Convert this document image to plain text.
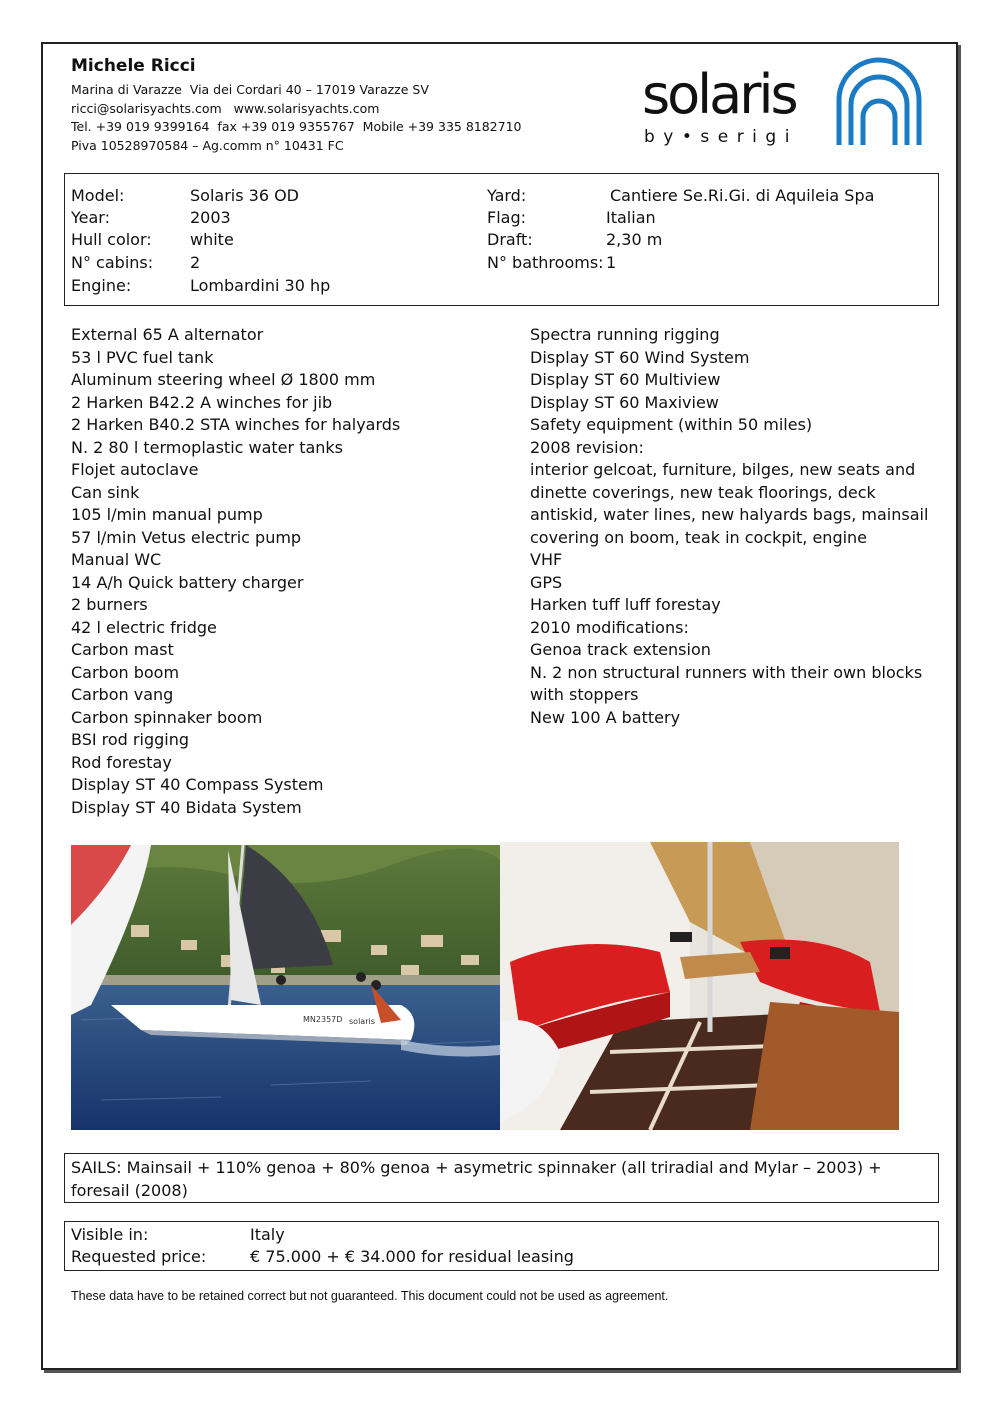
Michele Ricci
Marina di Varazze  Via dei Cordari 40 – 17019 Varazze SV
ricci@solarisyachts.com   www.solarisyachts.com
Tel. +39 019 9399164  fax +39 019 9355767  Mobile +39 335 8182710
Piva 10528970584 – Ag.comm n° 10431 FC
solaris
by•serigi
Model:	Solaris 36 OD
Year:	2003
Hull color: white
N° cabins: 2
Engine:	Lombardini 30 hp
Yard:	Cantiere Se.Ri.Gi. di Aquileia Spa
Flag:	Italian
Draft:	2,30 m
N° bathrooms: 1
External 65 A alternator
53 l PVC fuel tank
Aluminum steering wheel Ø 1800 mm
2 Harken B42.2 A winches for jib
2 Harken B40.2 STA winches for halyards
N. 2 80 l termoplastic water tanks
Flojet autoclave
Can sink
105 l/min manual pump
57 l/min Vetus electric pump
Manual WC
14 A/h Quick battery charger
2 burners
42 l electric fridge
Carbon mast
Carbon boom
Carbon vang
Carbon spinnaker boom
BSI rod rigging
Rod forestay
Display ST 40 Compass System
Display ST 40 Bidata System
Spectra running rigging
Display ST 60 Wind System
Display ST 60 Multiview
Display ST 60 Maxiview
Safety equipment (within 50 miles)
2008 revision:
interior gelcoat, furniture, bilges, new seats and
dinette coverings, new teak floorings, deck
antiskid, water lines, new halyards bags, mainsail
covering on boom, teak in cockpit, engine
VHF
GPS
Harken tuff luff forestay
2010 modifications:
Genoa track extension
N. 2 non structural runners with their own blocks
with stoppers
New 100 A battery
MN2357D solaris
SAILS: Mainsail + 110% genoa + 80% genoa + asymetric spinnaker (all triradial and Mylar – 2003) + foresail (2008)
Visible in:	Italy
Requested price:	€ 75.000 + € 34.000 for residual leasing
These data have to be retained correct but not guaranteed. This document could not be used as agreement.
